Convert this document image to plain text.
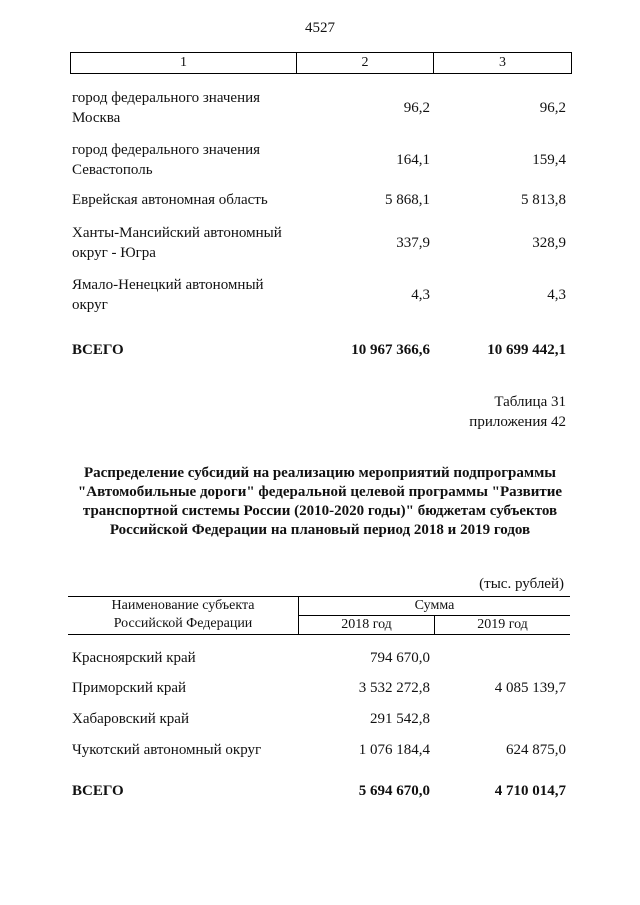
4527
1	2	3
город федерального значения
Москва
96,2	96,2
город федерального значения
Севастополь
164,1	159,4
Еврейская автономная область	5 868,1	5 813,8
Ханты-Мансийский автономный
округ - Югра
337,9	328,9
Ямало-Ненецкий автономный
округ
4,3	4,3
ВСЕГО	10 967 366,6	10 699 442,1
Таблица 31
приложения 42
Распределение субсидий на реализацию мероприятий подпрограммы
"Автомобильные дороги" федеральной целевой программы "Развитие
транспортной системы России (2010-2020 годы)" бюджетам субъектов
Российской Федерации на плановый период 2018 и 2019 годов
(тыс. рублей)
Наименование субъекта
Российской Федерации
Сумма
2018 год	2019 год
Красноярский край	794 670,0
Приморский край	3 532 272,8	4 085 139,7
Хабаровский край	291 542,8
Чукотский автономный округ	1 076 184,4	624 875,0
ВСЕГО	5 694 670,0	4 710 014,7
